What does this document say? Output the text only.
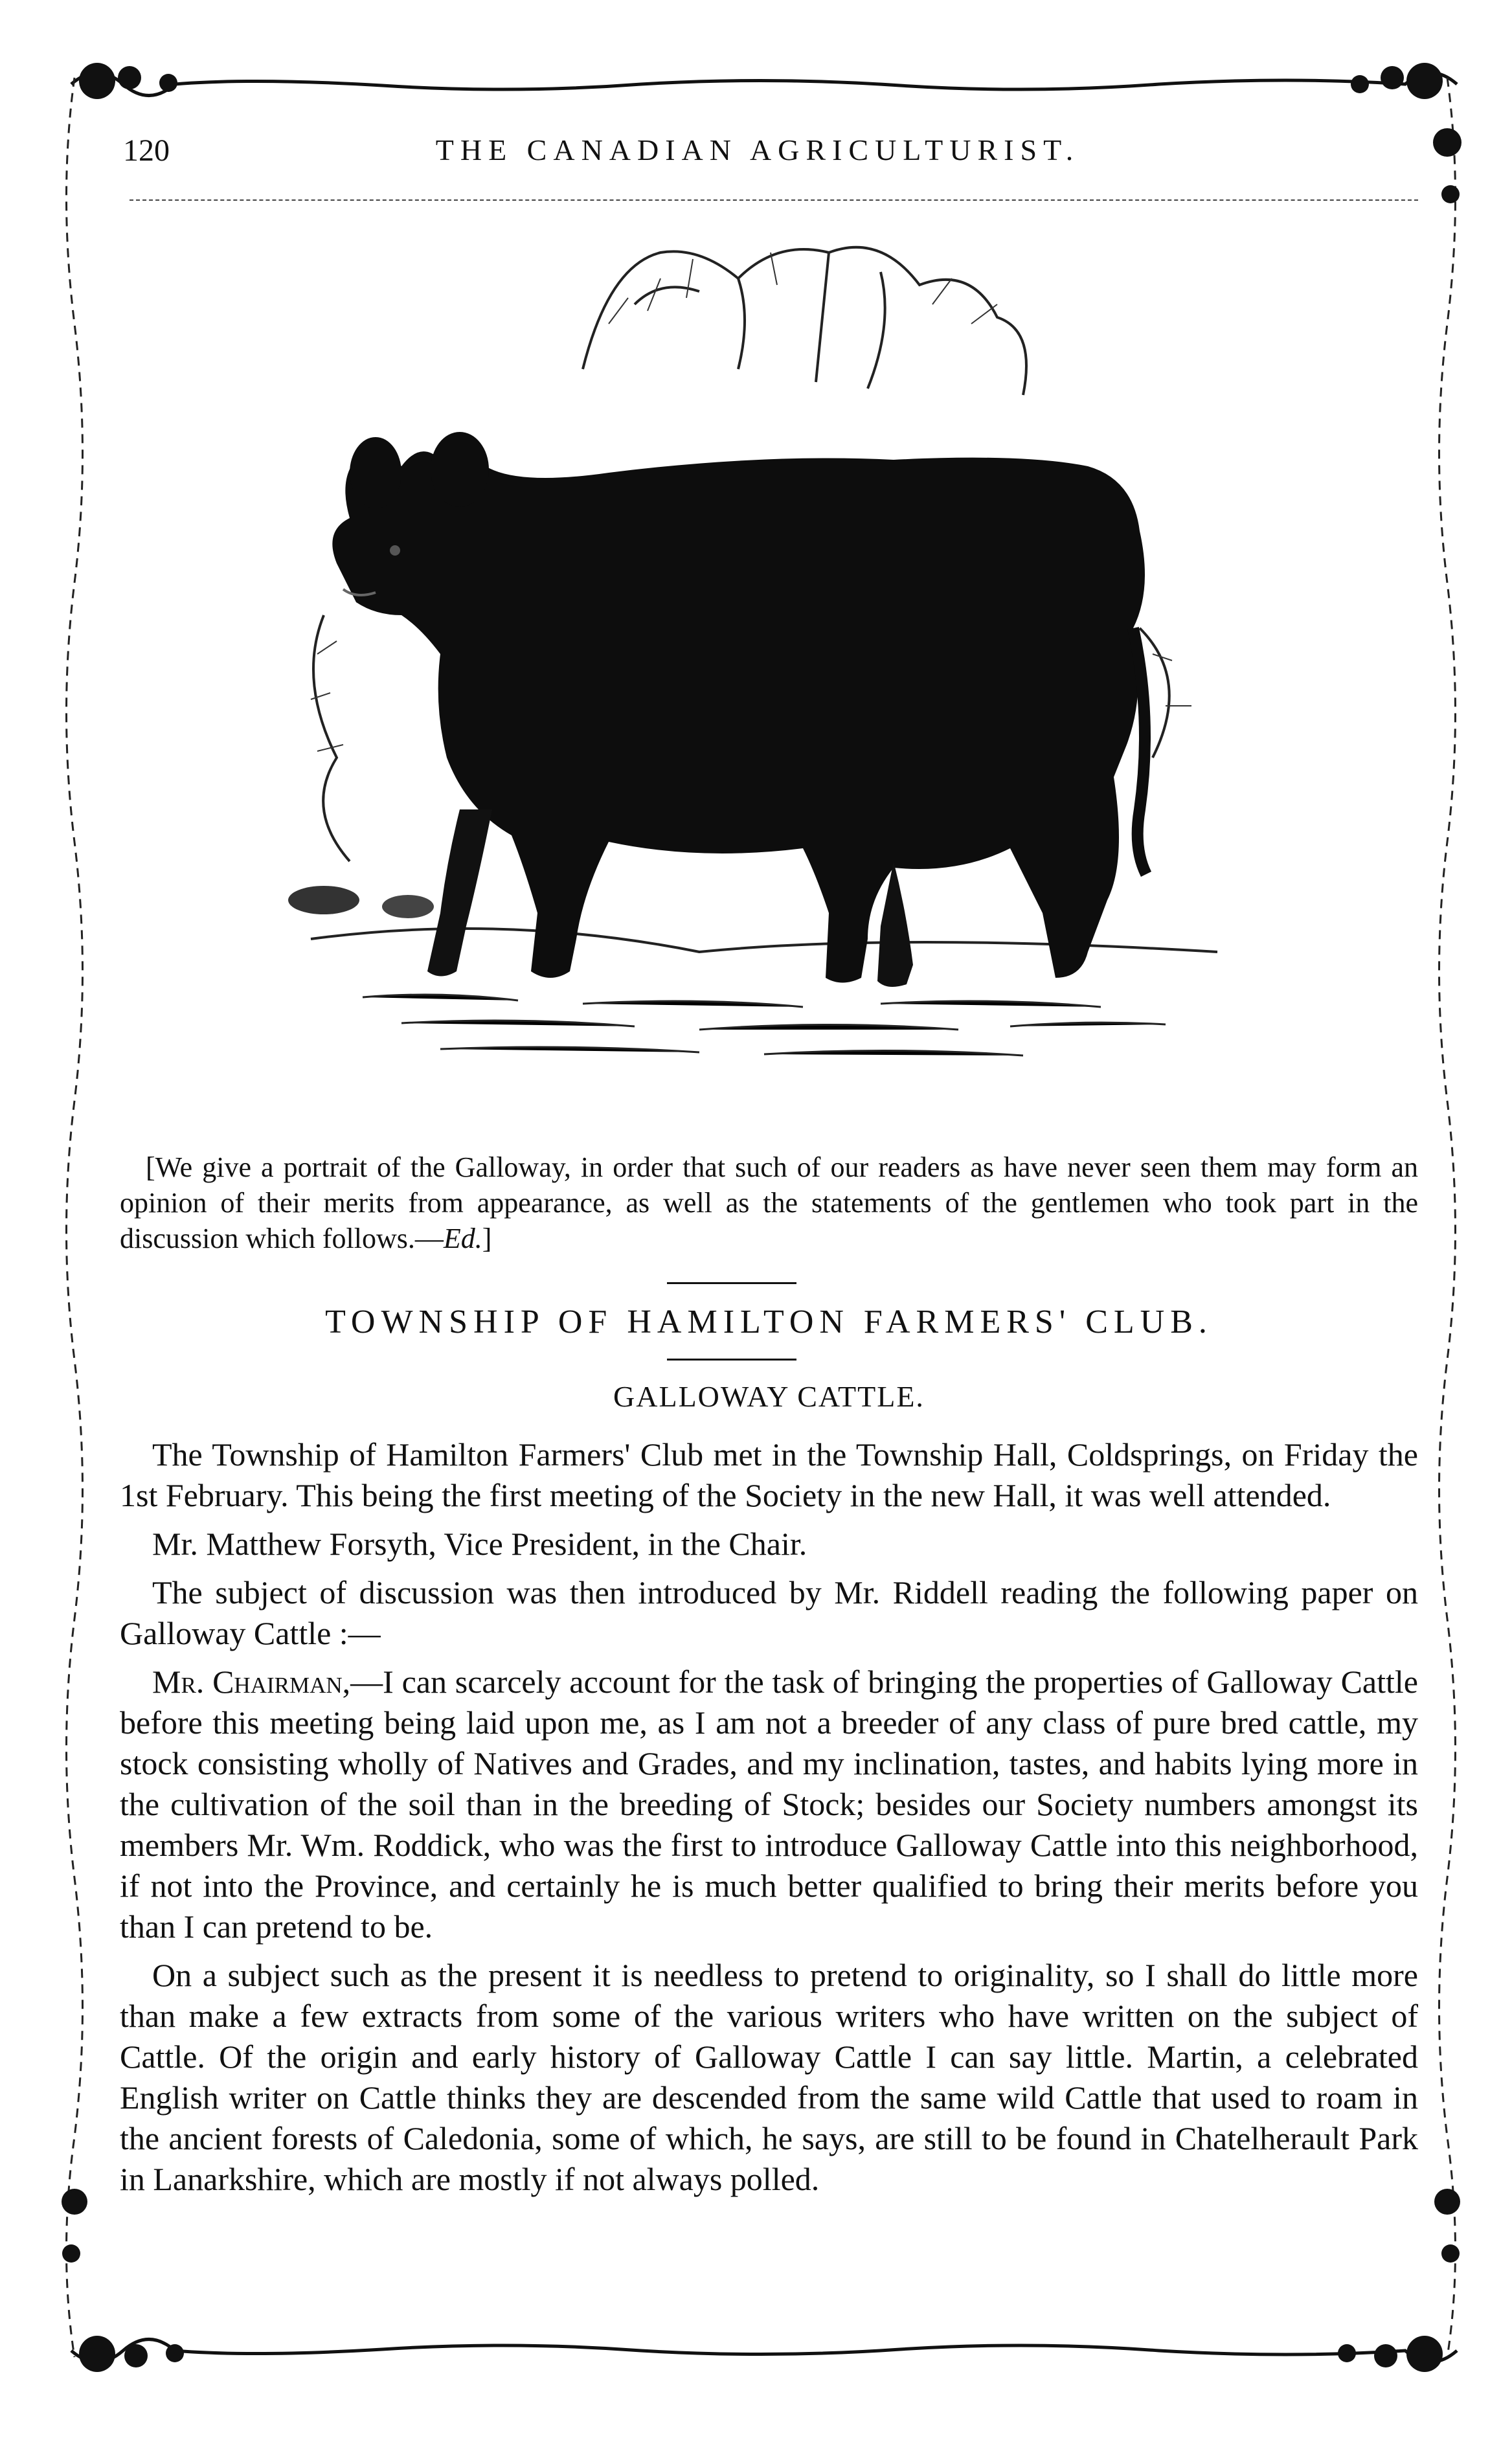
120	THE CANADIAN AGRICULTURIST.
[We give a portrait of the Galloway, in order that such of our readers as have never seen them may form an opinion of their merits from appearance, as well as the statements of the gentlemen who took part in the discussion which follows.—Ed.]
TOWNSHIP OF HAMILTON FARMERS' CLUB.
GALLOWAY CATTLE.

The Township of Hamilton Farmers' Club met in the Township Hall, Coldsprings, on Friday the 1st February. This being the first meeting of the Society in the new Hall, it was well attended.

Mr. Matthew Forsyth, Vice President, in the Chair.

The subject of discussion was then introduced by Mr. Riddell reading the following paper on Galloway Cattle :—

Mr. Chairman,—I can scarcely account for the task of bringing the properties of Galloway Cattle before this meeting being laid upon me, as I am not a breeder of any class of pure bred cattle, my stock consisting wholly of Natives and Grades, and my inclination, tastes, and habits lying more in the cultivation of the soil than in the breeding of Stock; besides our Society numbers amongst its members Mr. Wm. Roddick, who was the first to introduce Galloway Cattle into this neighborhood, if not into the Province, and certainly he is much better qualified to bring their merits before you than I can pretend to be.

On a subject such as the present it is needless to pretend to originality, so I shall do little more than make a few extracts from some of the various writers who have written on the subject of Cattle. Of the origin and early history of Galloway Cattle I can say little. Martin, a celebrated English writer on Cattle thinks they are descended from the same wild Cattle that used to roam in the ancient forests of Caledonia, some of which, he says, are still to be found in Chatelherault Park in Lanarkshire, which are mostly if not always polled.
